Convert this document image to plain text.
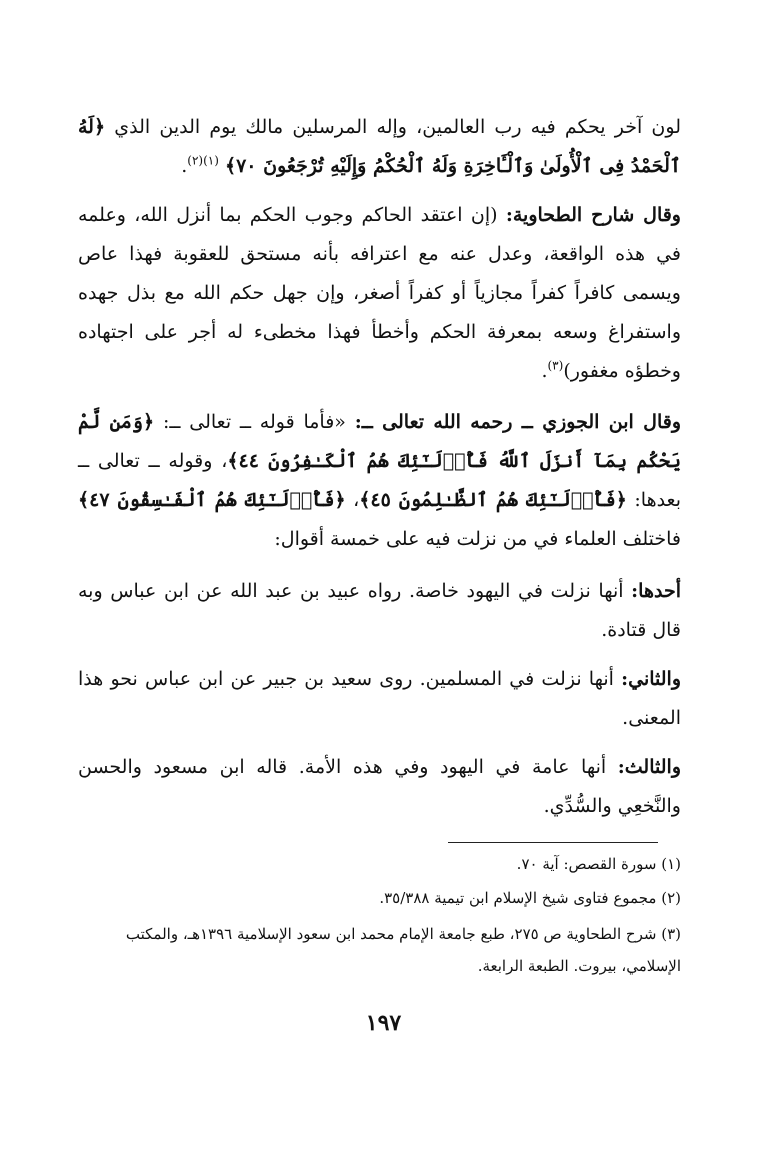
لون آخر يحكم فيه رب العالمين، وإله المرسلين مالك يوم الدين الذي ﴿لَهُ ٱلْحَمْدُ فِى ٱلْأُولَىٰ وَٱلْـَٔاخِرَةِ وَلَهُ ٱلْحُكْمُ وَإِلَيْهِ تُرْجَعُونَ ٧٠﴾ $^{(١)(٢)}$.

وقال شارح الطحاوية: (إن اعتقد الحاكم وجوب الحكم بما أنزل الله، وعلمه في هذه الواقعة، وعدل عنه مع اعترافه بأنه مستحق للعقوبة فهذا عاص ويسمى كافراً كفراً مجازياً أو كفراً أصغر، وإن جهل حكم الله مع بذل جهده واستفراغ وسعه بمعرفة الحكم وأخطأ فهذا مخطىء له أجر على اجتهاده وخطؤه مغفور)$^{(٣)}$.

وقال ابن الجوزي ــ رحمه الله تعالى ــ: «فأما قوله ــ تعالى ــ: ﴿وَمَن لَّمْ يَحْكُم بِمَآ أَنزَلَ ٱللَّهُ فَأُو۟لَـٰٓئِكَ هُمُ ٱلْكَـٰفِرُونَ ٤٤﴾، وقوله ــ تعالى ــ بعدها: ﴿فَأُو۟لَـٰٓئِكَ هُمُ ٱلظَّـٰلِمُونَ ٤٥﴾، ﴿فَأُو۟لَـٰٓئِكَ هُمُ ٱلْفَـٰسِقُونَ ٤٧﴾ فاختلف العلماء في من نزلت فيه على خمسة أقوال:

أحدها: أنها نزلت في اليهود خاصة. رواه عبيد بن عبد الله عن ابن عباس وبه قال قتادة.

والثاني: أنها نزلت في المسلمين. روى سعيد بن جبير عن ابن عباس نحو هذا المعنى.

والثالث: أنها عامة في اليهود وفي هذه الأمة. قاله ابن مسعود والحسن والنَّخعِي والسُّدِّي.

(١) سورة القصص: آية ٧٠.

(٢) مجموع فتاوى شيخ الإسلام ابن تيمية ٣٥/٣٨٨.

(٣) شرح الطحاوية ص ٢٧٥، طبع جامعة الإمام محمد ابن سعود الإسلامية ١٣٩٦هـ، والمكتب الإسلامي، بيروت. الطبعة الرابعة.

١٩٧
